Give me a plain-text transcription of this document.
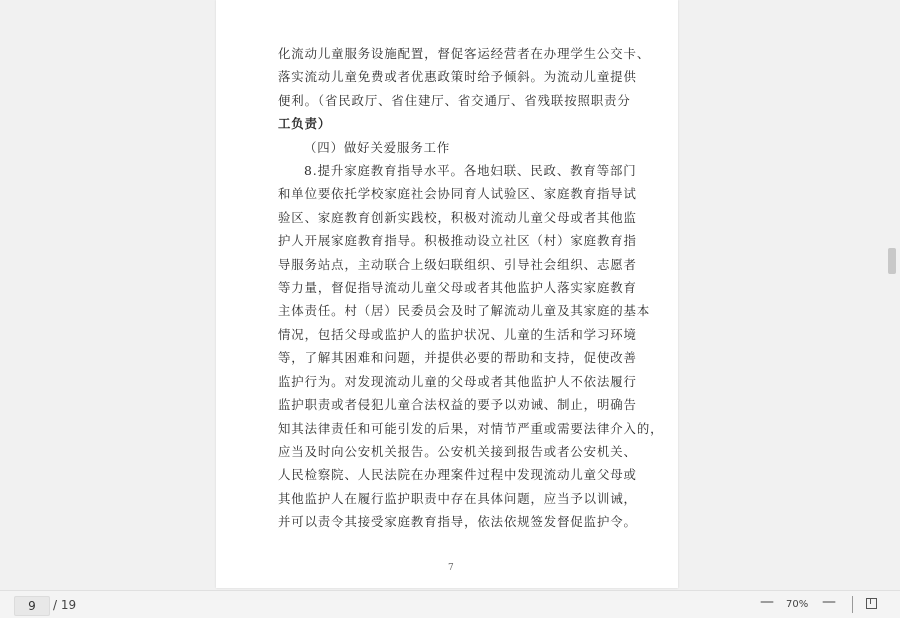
化流动儿童服务设施配置，督促客运经营者在办理学生公交卡、

落实流动儿童免费或者优惠政策时给予倾斜。为流动儿童提供

便利。（省民政厅、省住建厅、省交通厅、省残联按照职责分

工负责）

（四）做好关爱服务工作

8.提升家庭教育指导水平。各地妇联、民政、教育等部门

和单位要依托学校家庭社会协同育人试验区、家庭教育指导试

验区、家庭教育创新实践校，积极对流动儿童父母或者其他监

护人开展家庭教育指导。积极推动设立社区（村）家庭教育指

导服务站点，主动联合上级妇联组织、引导社会组织、志愿者

等力量，督促指导流动儿童父母或者其他监护人落实家庭教育

主体责任。村（居）民委员会及时了解流动儿童及其家庭的基本

情况，包括父母或监护人的监护状况、儿童的生活和学习环境

等，了解其困难和问题，并提供必要的帮助和支持，促使改善

监护行为。对发现流动儿童的父母或者其他监护人不依法履行

监护职责或者侵犯儿童合法权益的要予以劝诫、制止，明确告

知其法律责任和可能引发的后果，对情节严重或需要法律介入的，

应当及时向公安机关报告。公安机关接到报告或者公安机关、

人民检察院、人民法院在办理案件过程中发现流动儿童父母或

其他监护人在履行监护职责中存在具体问题，应当予以训诫，

并可以责令其接受家庭教育指导，依法依规签发督促监护令。

7
9	/ 19	— 70% —
